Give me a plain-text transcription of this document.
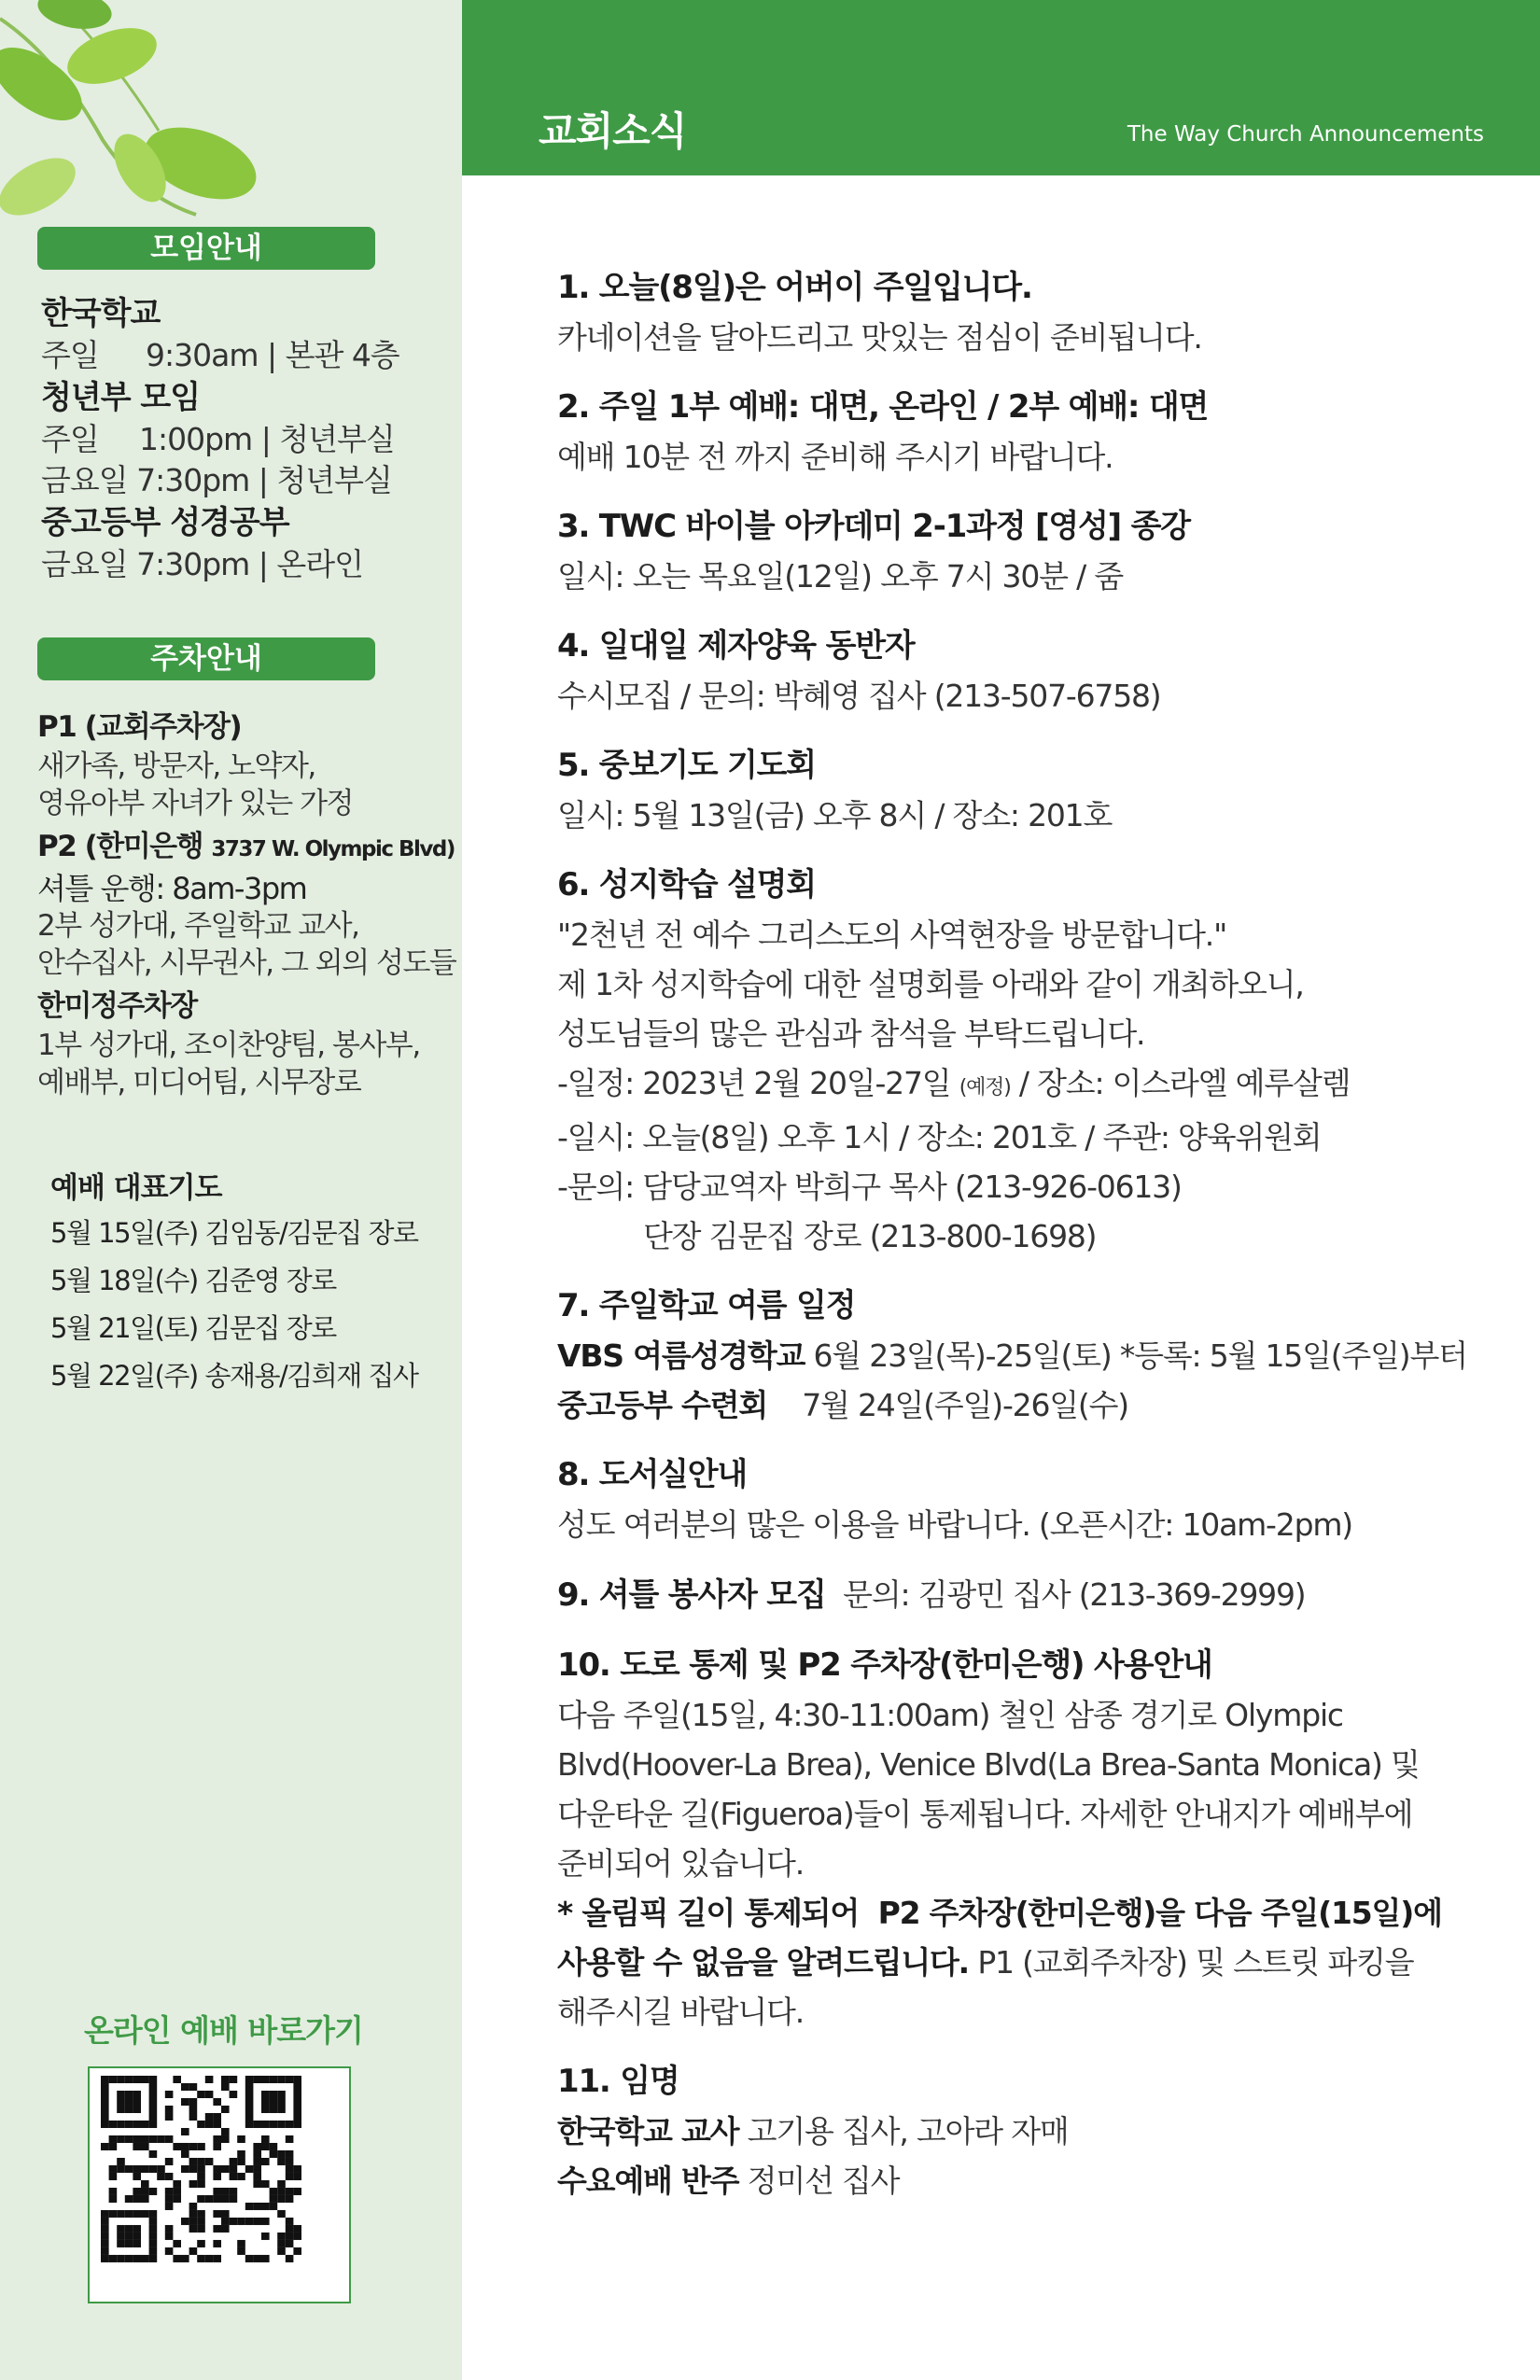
모임안내
한국학교
주일 9:30am | 본관 4층
청년부 모임
주일 1:00pm | 청년부실
금요일 7:30pm | 청년부실
중고등부 성경공부
금요일 7:30pm | 온라인
주차안내
P1 (교회주차장)
새가족, 방문자, 노약자,
영유아부 자녀가 있는 가정
P2 (한미은행 3737 W. Olympic Blvd)
셔틀 운행: 8am-3pm
2부 성가대, 주일학교 교사,
안수집사, 시무권사, 그 외의 성도들
한미정주차장
1부 성가대, 조이찬양팀, 봉사부,
예배부, 미디어팀, 시무장로
예배 대표기도
5월 15일(주) 김임동/김문집 장로
5월 18일(수) 김준영 장로
5월 21일(토) 김문집 장로
5월 22일(주) 송재용/김희재 집사
온라인 예배 바로가기
교회소식	The Way Church Announcements
1. 오늘(8일)은 어버이 주일입니다.
카네이션을 달아드리고 맛있는 점심이 준비됩니다.
2. 주일 1부 예배: 대면, 온라인 / 2부 예배: 대면
예배 10분 전 까지 준비해 주시기 바랍니다.
3. TWC 바이블 아카데미 2-1과정 [영성] 종강
일시: 오는 목요일(12일) 오후 7시 30분 / 줌
4. 일대일 제자양육 동반자
수시모집 / 문의: 박혜영 집사 (213-507-6758)
5. 중보기도 기도회
일시: 5월 13일(금) 오후 8시 / 장소: 201호
6. 성지학습 설명회
"2천년 전 예수 그리스도의 사역현장을 방문합니다."
제 1차 성지학습에 대한 설명회를 아래와 같이 개최하오니,
성도님들의 많은 관심과 참석을 부탁드립니다.
-일정: 2023년 2월 20일-27일 (예정) / 장소: 이스라엘 예루살렘
-일시: 오늘(8일) 오후 1시 / 장소: 201호 / 주관: 양육위원회
-문의: 담당교역자 박희구 목사 (213-926-0613)
단장 김문집 장로 (213-800-1698)
7. 주일학교 여름 일정
VBS 여름성경학교 6월 23일(목)-25일(토) *등록: 5월 15일(주일)부터
중고등부 수련회    7월 24일(주일)-26일(수)
8. 도서실안내
성도 여러분의 많은 이용을 바랍니다. (오픈시간: 10am-2pm)
9. 셔틀 봉사자 모집  문의: 김광민 집사 (213-369-2999)
10. 도로 통제 및 P2 주차장(한미은행) 사용안내
다음 주일(15일, 4:30-11:00am) 철인 삼종 경기로 Olympic
Blvd(Hoover-La Brea), Venice Blvd(La Brea-Santa Monica) 및
다운타운 길(Figueroa)들이 통제됩니다. 자세한 안내지가 예배부에
준비되어 있습니다.
* 올림픽 길이 통제되어  P2 주차장(한미은행)을 다음 주일(15일)에
사용할 수 없음을 알려드립니다. P1 (교회주차장) 및 스트릿 파킹을
해주시길 바랍니다.
11. 임명
한국학교 교사 고기용 집사, 고아라 자매
수요예배 반주 정미선 집사
